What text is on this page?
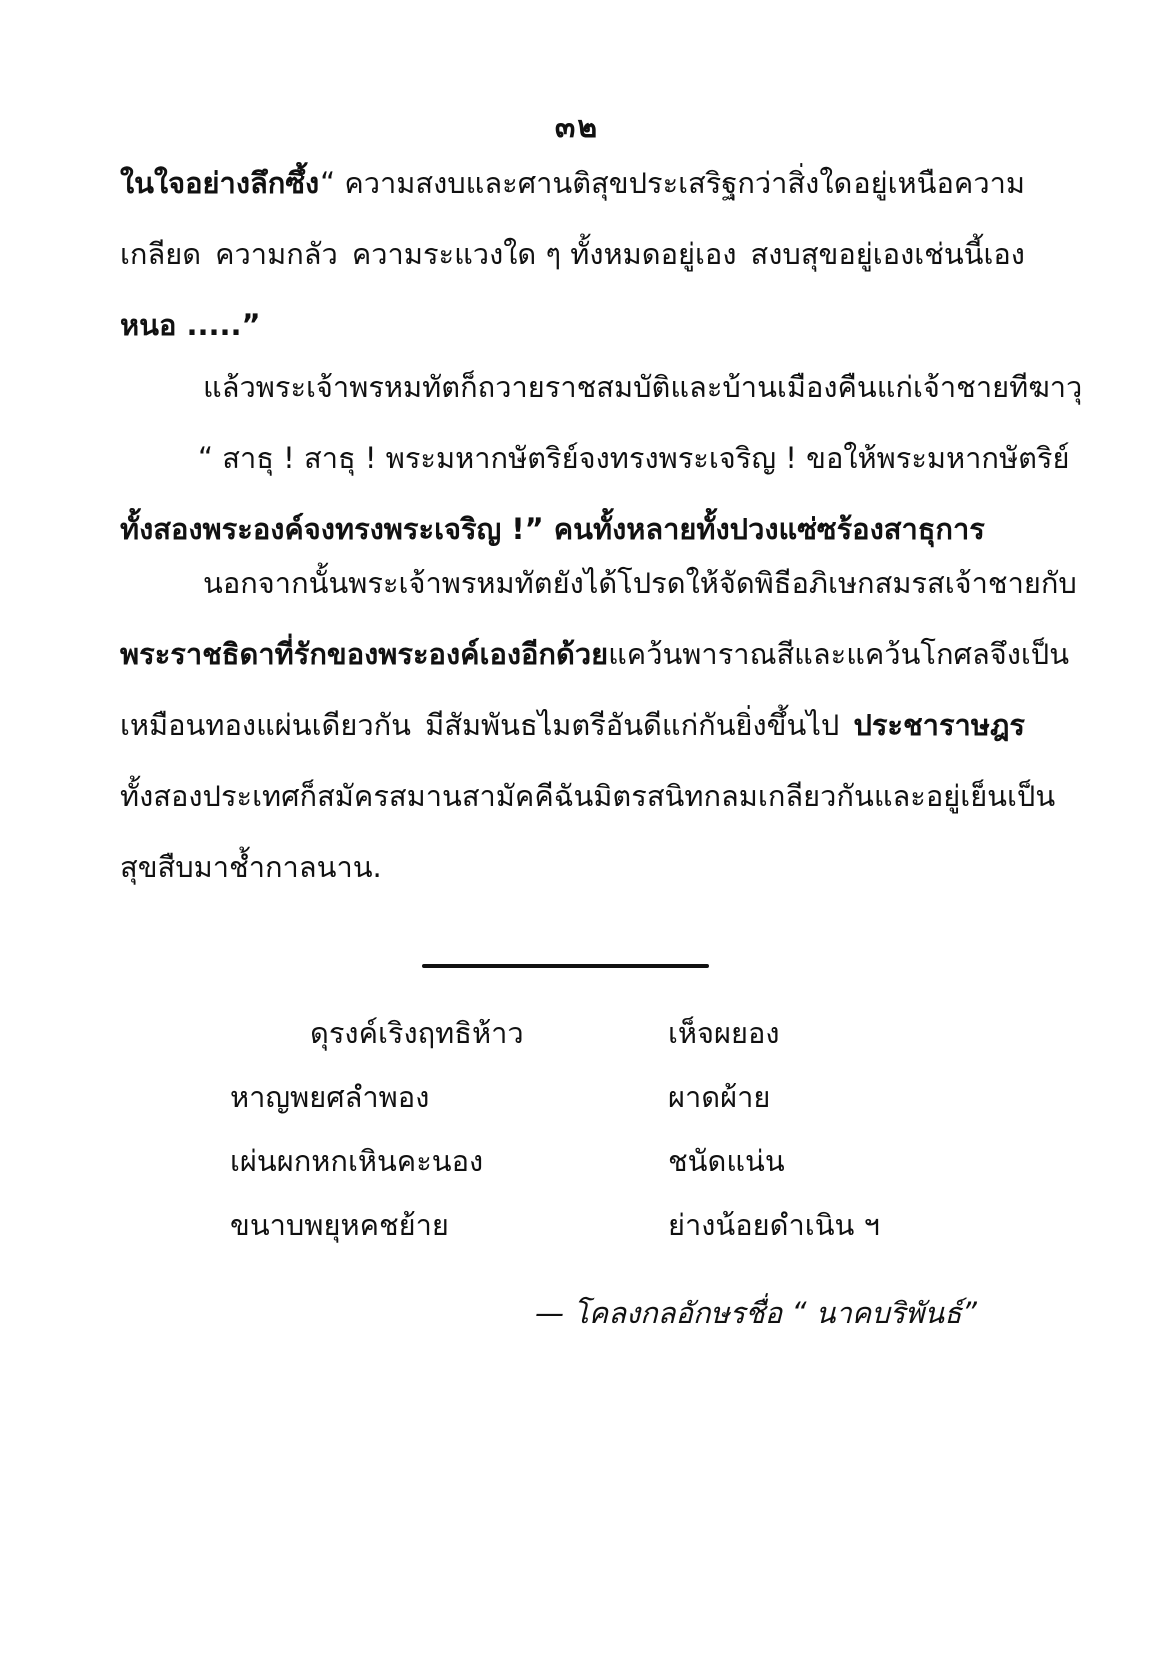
๓๒
ในใจอย่างลึกซึ้ง “ ความสงบและศานติสุขประเสริฐกว่าสิ่งใด อยู่เหนือความ
เกลียด ความกลัว ความระแวงใด ๆ ทั้งหมดอยู่เอง สงบสุขอยู่เองเช่นนี้เอง
หนอ .....”
แล้วพระเจ้าพรหมทัตก็ถวายราชสมบัติและบ้านเมืองคืนแก่เจ้าชายทีฆาวุ
“ สาธุ ! สาธุ ! พระมหากษัตริย์จงทรงพระเจริญ ! ขอให้พระมหากษัตริย์
ทั้งสองพระองค์จงทรงพระเจริญ !” คนทั้งหลายทั้งปวงแซ่ซร้องสาธุการ
นอกจากนั้นพระเจ้าพรหมทัตยังได้โปรดให้จัดพิธีอภิเษกสมรสเจ้าชายกับ
พระราชธิดาที่รักของพระองค์เองอีกด้วย แคว้นพาราณสีและแคว้นโกศลจึงเป็น
เหมือนทองแผ่นเดียวกัน มีสัมพันธไมตรีอันดีแก่กันยิ่งขึ้นไป ประชาราษฎร
ทั้งสองประเทศก็สมัครสมานสามัคคีฉันมิตรสนิทกลมเกลียวกัน และอยู่เย็นเป็น
สุขสืบมาช้ำกาลนาน.
ดุรงค์เริงฤทธิห้าว	เห็จผยอง
หาญพยศลำพอง	ผาดผ้าย
เผ่นผกหกเหินคะนอง	ชนัดแน่น
ขนาบพยุหคชย้าย	ย่างน้อยดำเนิน ฯ
— โคลงกลอักษรชื่อ “ นาคบริพันธ์”
